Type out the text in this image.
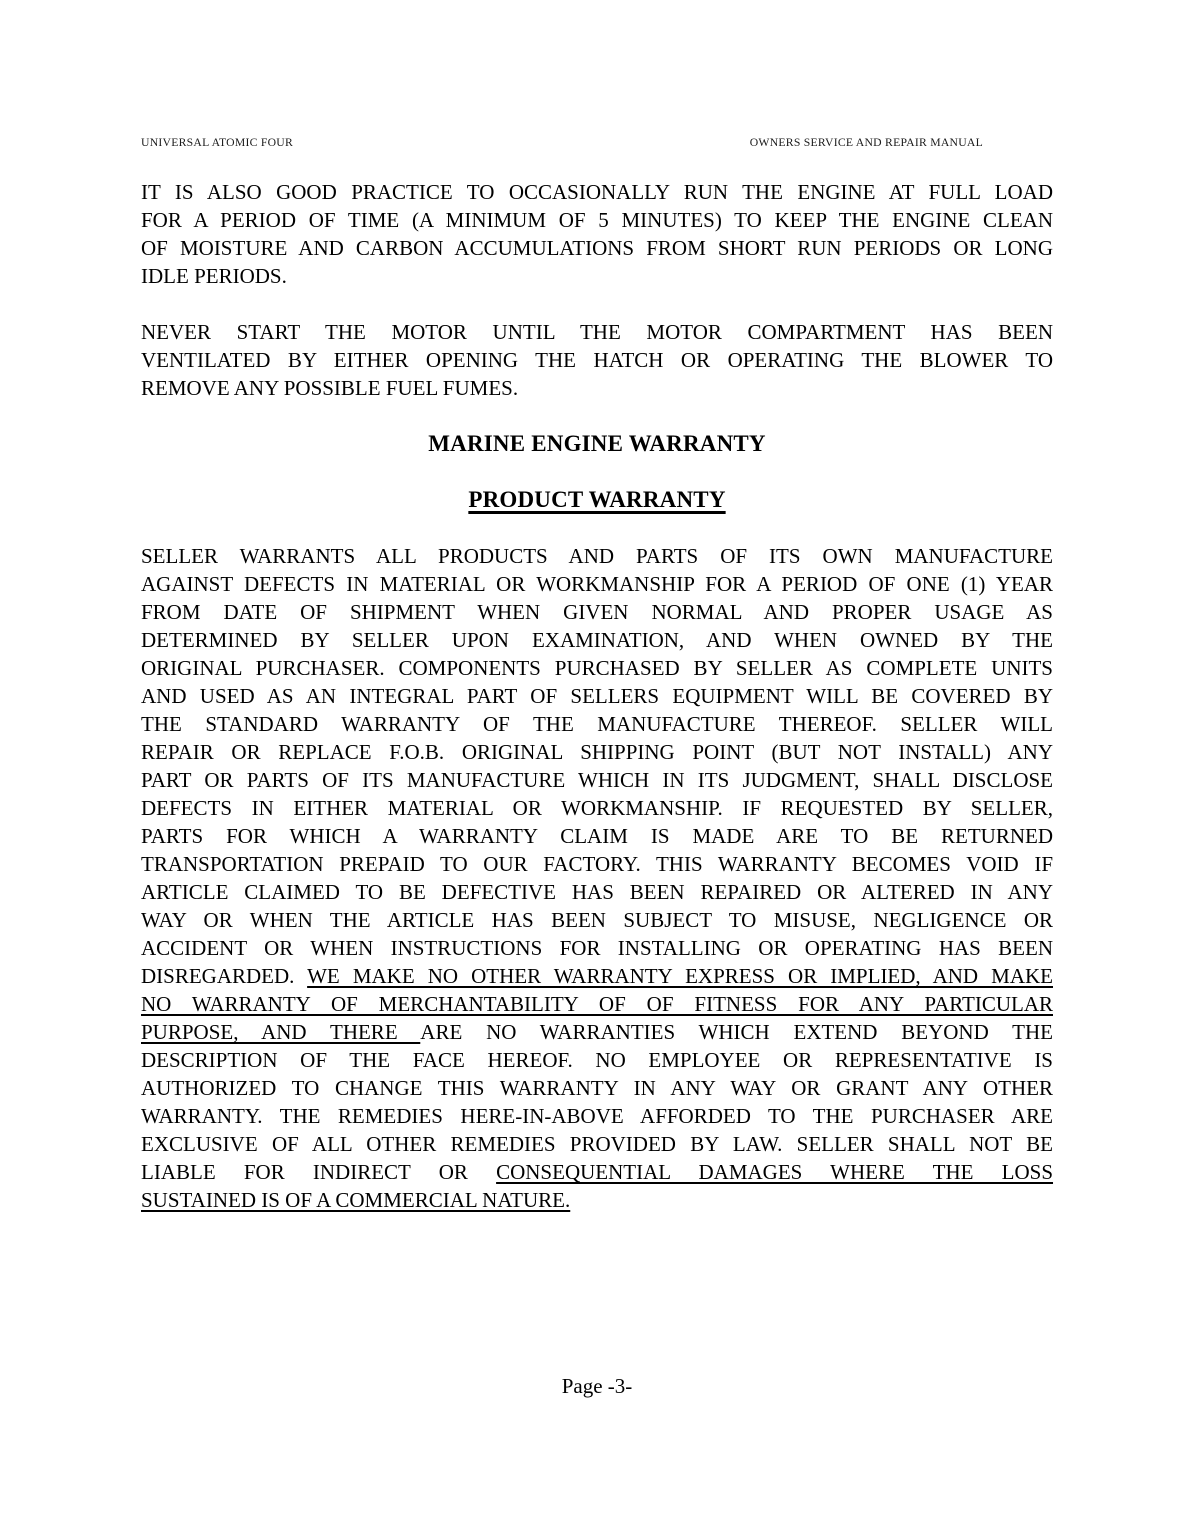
UNIVERSAL ATOMIC FOUR	OWNERS SERVICE AND REPAIR MANUAL
IT IS ALSO GOOD PRACTICE TO OCCASIONALLY RUN THE ENGINE AT FULL LOAD
FOR A PERIOD OF TIME (A MINIMUM OF 5 MINUTES) TO KEEP THE ENGINE CLEAN
OF MOISTURE AND CARBON ACCUMULATIONS FROM SHORT RUN PERIODS OR LONG
IDLE PERIODS.
NEVER START THE MOTOR UNTIL THE MOTOR COMPARTMENT HAS BEEN
VENTILATED BY EITHER OPENING THE HATCH OR OPERATING THE BLOWER TO
REMOVE ANY POSSIBLE FUEL FUMES.
MARINE ENGINE WARRANTY
PRODUCT WARRANTY
SELLER WARRANTS ALL PRODUCTS AND PARTS OF ITS OWN MANUFACTURE
AGAINST DEFECTS IN MATERIAL OR WORKMANSHIP FOR A PERIOD OF ONE (1) YEAR
FROM DATE OF SHIPMENT WHEN GIVEN NORMAL AND PROPER USAGE AS
DETERMINED BY SELLER UPON EXAMINATION, AND WHEN OWNED BY THE
ORIGINAL PURCHASER. COMPONENTS PURCHASED BY SELLER AS COMPLETE UNITS
AND USED AS AN INTEGRAL PART OF SELLERS EQUIPMENT WILL BE COVERED BY
THE STANDARD WARRANTY OF THE MANUFACTURE THEREOF. SELLER WILL
REPAIR OR REPLACE F.O.B. ORIGINAL SHIPPING POINT (BUT NOT INSTALL) ANY
PART OR PARTS OF ITS MANUFACTURE WHICH IN ITS JUDGMENT, SHALL DISCLOSE
DEFECTS IN EITHER MATERIAL OR WORKMANSHIP. IF REQUESTED BY SELLER,
PARTS FOR WHICH A WARRANTY CLAIM IS MADE ARE TO BE RETURNED
TRANSPORTATION PREPAID TO OUR FACTORY. THIS WARRANTY BECOMES VOID IF
ARTICLE CLAIMED TO BE DEFECTIVE HAS BEEN REPAIRED OR ALTERED IN ANY
WAY OR WHEN THE ARTICLE HAS BEEN SUBJECT TO MISUSE, NEGLIGENCE OR
ACCIDENT OR WHEN INSTRUCTIONS FOR INSTALLING OR OPERATING HAS BEEN
DISREGARDED. WE MAKE NO OTHER WARRANTY EXPRESS OR IMPLIED, AND MAKE
NO WARRANTY OF MERCHANTABILITY OF OF FITNESS FOR ANY PARTICULAR
PURPOSE, AND THERE ARE NO WARRANTIES WHICH EXTEND BEYOND THE
DESCRIPTION OF THE FACE HEREOF. NO EMPLOYEE OR REPRESENTATIVE IS
AUTHORIZED TO CHANGE THIS WARRANTY IN ANY WAY OR GRANT ANY OTHER
WARRANTY. THE REMEDIES HERE-IN-ABOVE AFFORDED TO THE PURCHASER ARE
EXCLUSIVE OF ALL OTHER REMEDIES PROVIDED BY LAW. SELLER SHALL NOT BE
LIABLE FOR INDIRECT OR CONSEQUENTIAL DAMAGES WHERE THE LOSS
SUSTAINED IS OF A COMMERCIAL NATURE.
Page -3-
